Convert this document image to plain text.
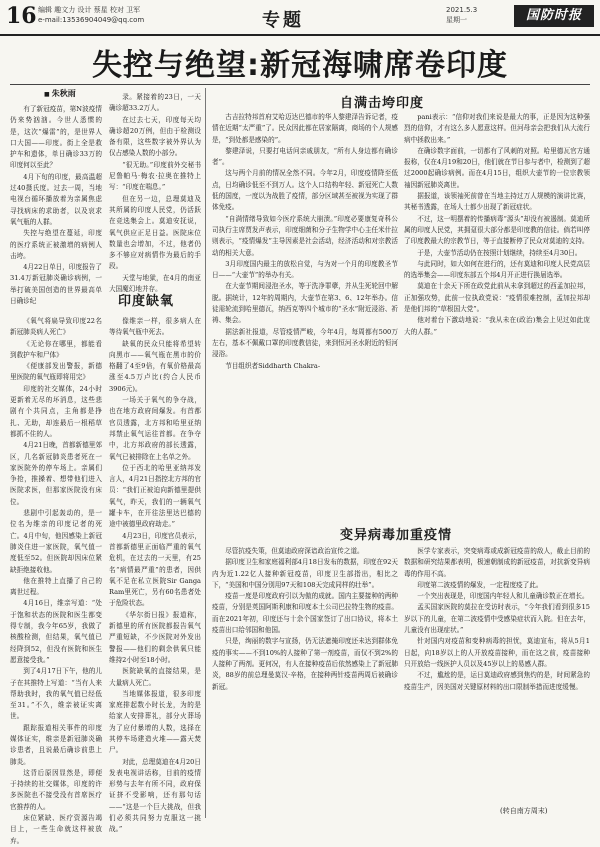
16 编辑 趣文力 设计 蔡星 校对 卫军
e-mail:13536904049@qq.com	专题	2021.5.3
星期一	国防时报
失控与绝望:新冠海啸席卷印度
■ 朱秋雨

有了新冠疫苗，第N波疫情仍来势汹汹。今世人悉惯的是，这次“爆雷”的，是世界人口大国——印度。街上全是救护车和遗体，单日确诊33万的印度何以至此？

4月下旬的印度，最高温超过40摄氏度。过去一周，当地电视台循环播放着为亲属焦虑寻找病床的求助者，以及哀求氧气瓶的人群。

失控与绝望在蔓延，印度的医疗系统正被激增的病例人击垮。

4月22日单日，印度报告了31.4万新冠肺炎确诊病例，一举打破美国创造的世界最高单日确诊纪

录。紧接着的23日，一天确诊超33.2万人。

在过去七天，印度每天均确诊超20万例，但由于检测设备有限，这些数字被外界认为仅占感染人数的小部分。

“很无助。”印度前外交秘书尼鲁帕马·梅农·拉奥在推特上写：“印度在喘息。”

但在另一边，总理莫迪及其所属的印度人民党，仍活跃在竞选集会上。莫迪安抚说，氧气供应正足日益。医院床位数量也会增加，不过，他者仍多不够应对病情作为最后的手段。

天堂与地狱，在4月的南亚大国魔幻地并存。

印度缺氧

《氧气将扁导致印度22名新冠肺炎病人死亡》

《无论你在哪里，都能看到救护车和尸体》

《便康部发出警报，新德里医院的氧气瓶即将用完》

印度的社交媒体，24小时更新着无尽的坏消息，这些悲剧有个共同点，主角都是挣扎、无助，却连最后一根稻草都抓不住的人。

4月21日晚，首都新德里郊区，几名新冠肺炎患者死在一家医院外的停车场上。亲属们争抢，推搡着、想带他们进入医院求医，但那家医院没有床位。

悲剧中引起轰动的，是一位名为维亲的印度记者的死亡。4月中旬，他因感染上新冠肺炎住进一家医院，氧气值一度低至52。但医院却因床位紧缺拒绝接收他。

他在推特上直播了自己的离世过程。

4月16日，维亲写道：“处于饱和状态的医院和医生都变得专制，我今年65岁，我做了核酸检测，但结果，氧气值已经降到52，但没有医院和医生愿意接受我。”

到了4月17日下午，他的儿子在其推特上写道：“当有人来帮助我时，我的氧气值已经低至31。”不久，维亲被证实离世。

跟踪报道相关事件的印度媒体证实，维亲是新冠肺炎确诊患者，且说最后确诊前患上肺炎。

这背后原因显然是，即便于持续的社交媒体，印度的许多医院也不接受没有首席医疗官推荐的人。

床位紧缺、医疗资源告竭目上，一些生命就这样被放弃。

像维亲一样，很多病人在等待氧气瓶中死去。

缺氧的民众只能将希望转向黑市——氧气瓶在黑市的价格翻了4至9倍，有氧价格最高涨至4.5万卢比(约合人民币3906元)。

一场关于氧气的争夺战，也在地方政府间爆发。有首都官员透露，北方邦和哈里亚纳邦禁止氧气运往首都。在争夺中，北方邦政府的部长透露，氧气已被排除在上名单之外。

位于西北的哈里亚纳邦发言人，4月21日指控北方邦的官员：“我们正被迫向新德里提供氧气，昨天，我们的一辆氧气罐卡车，在开往法里达巴德的途中被德里政府劫走。”

4月23日，印度官员表示，首都新德里正面临严重的氧气危机，在过去的一天里，有25名“病情最严重”的患者，因供氧不足在私立医院Sir Ganga Ram里死亡，另有60名患者处于危险状态。

《华尔街日报》报道称，新德里的所有医院都报告氧气严重短缺，不少医院对外发出警报——他们的剩余供氧只能维持2小时至18小时。

医院缺氧的直接结果，是大量病人死亡。

当地媒体报道，很多印度家庭排起数小时长龙，为的是给家人安排葬礼，部分火葬场为了应付暴增的人数，选择在其停车场建造火堆——露天焚尸。

对此，总理莫迪在4月20日发表电视讲话称，目前的疫情形势与去年有所不同，政府保证挤不受影响，还有那句话——“这是一个巨大挑战，但我们必须共同努力克服这一挑战。”

自满击垮印度

古吉拉特邦首府艾哈迈达巴德市的华人黎建泽告诉记者，疫情在近期“太严重”了。民众因此都在居家隔离，商场的个人规感是，“到处都是感染的”。

黎建泽说，只要打电话问亲戚朋友，“所有人身边都有确诊者”。

这与两个月前的情况全然不同。今年2月，印度疫情降至低点，日均确诊低至不到万人。这个人口结构年轻、新冠死亡人数低的国度，一度以为战胜了疫情，部分区域甚至被视为实现了群体免疫。

“自满情绪导致如今医疗系统大崩溃。”印度必要康复奇科公司执行主席贾发声表示，印度细菌和分子生物学中心主任米什拉则表示，“疫情爆发”主导因素是社会活动，经济活动和对宗教活动的相关大意。

3月印度国内最主的放松自觉，与为对一个月的印度教圣节日——“大壶节”的举办有关。

在大壶节期间浸泡圣水，等于洗净罪孽，并从生死轮回中解脱。据统计，12年的周期内，大壶节在第3、6、12年举办。信徒需轮流到哈里德瓦，纳西克等四个城市的“圣水”附近浸浴、祈祷、集会。

据法新社报道，尽管疫情严峻，今年4月，每周都有500万左右，基本不佩戴口罩的印度教信徒，来到恒河圣水附近的恒河浸浴。

节目组织者Siddharth Chakra-

pani表示：“信仰对我们来说是最大的事，正是因为这种强烈的信仰，才有这么多人愿意这样。但河母亲会把我们从大流行病中拯救出来。”

在确诊数字面前，一切都有了风刺的对照。哈里德瓦官方通报称，仅在4月19和20日，他们就在节日参与者中，检测到了超过2000起确诊病例。而在4月15日，组织大壶节的一位宗教领袖因新冠肺炎离世。

据报道，该领袖死前曾在当地主持过万人规模的演讲比赛，其秘书透露，在场人士都少出现了新冠症状。

不过，这一明摆着的传播病毒“源头”却没有被遏制。莫迪所属的印度人民党，其拥趸很大部分都是印度教的信徒。倘若叫停了印度教最大的宗教节日，等于直接断停了民众对莫迪的支持。

于是，大壶节活动仍在按照计划继续，持续至4月30日。

与此同时，如大如何在进行的，还有莫迪和印度人民党高层的选举集会——印度东部五个邦4月开正进行换届选举。

莫迪在十余天下所在政党此前从未拿到超过的西孟加拉邦，正加强攻势，此前一位执政党说：“疫情很难控制，孟加拉邦却是他们邦的“草根国大党”。

他对着台下激动地说：“我从未在(政治)集会上见过如此庞大的人群。”

变异病毒加重疫情

尽管抗疫失策，但莫迪政府深谙政治宣传之道。

据印度卫生和家庭福利部4月18日发布的数据，印度在92天内为近1.22亿人接种新冠疫苗，印度卫生部指出，相比之下，“美国和中国分别用97天和108天完成同样的壮举”。

疫苗一度是印度政府引以为傲的成就。国内主要接种的两种疫苗，分别是英国阿斯利康和印度本土公司巴拉特生物的疫苗。而在2021年初，印度还与十余个国家签订了出口协议，将本土疫苗出口给邻国和他国。

只是，绚丽的数字与宣扬，仍无法遮掩印度还未达到群体免疫的事实——不到10%的人接种了第一剂疫苗，而仅不到2%的人接种了两剂。更何况，有人在接种疫苗后依然感染上了新冠肺炎，88岁的前总理曼莫汉·辛格，在接种两针疫苗两周后被确诊新冠。

医学专家表示，突变病毒或成新冠疫苗的敌人，截止目前的数据和研究结果都表明，极速朝制成的新冠疫苗，对抗新变异病毒的作用不高。

印度第二波疫情的爆发，一定程度疫了此。

一个突出表现是，印度国内年轻人和儿童确诊数正在增长。

孟买国家医院的莫拉在受访时表示，“今年我们看到很多15岁以下的儿童，在第二波疫情中受感染症状而入院。但在去年，儿童没有出现症状。”

针对国内对疫苗和变种病毒的担忧，莫迪宣布，将从5月1日起，向18岁以上的人开放疫苗接种，而在这之前，疫苗接种只开放给一线医护人员以及45岁以上的易感人群。

不过，尴尬的是，运日莫迪政府感到焦灼的是，时间紧急的疫苗生产，因美国对关键原材料的出口限制举措而进度缓慢。

(转自南方周末)
